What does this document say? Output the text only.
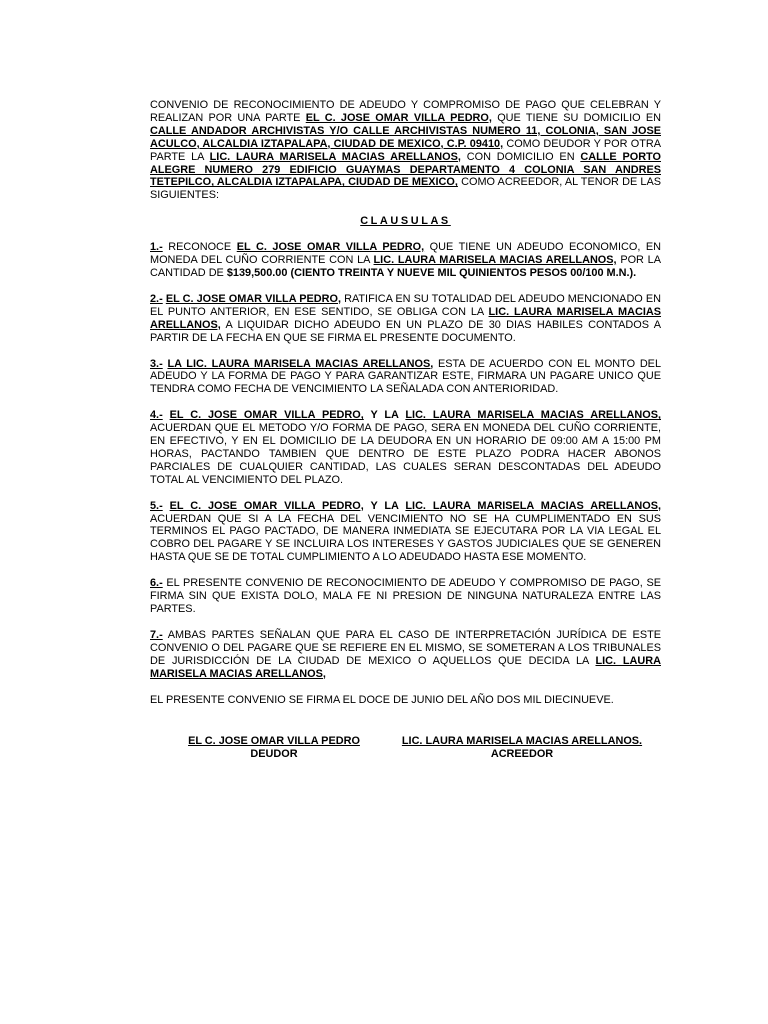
CONVENIO DE RECONOCIMIENTO DE ADEUDO Y COMPROMISO DE PAGO QUE CELEBRAN Y REALIZAN POR UNA PARTE EL C. JOSE OMAR VILLA PEDRO, QUE TIENE SU DOMICILIO EN CALLE ANDADOR ARCHIVISTAS Y/O CALLE ARCHIVISTAS NUMERO 11, COLONIA, SAN JOSE ACULCO, ALCALDIA IZTAPALAPA, CIUDAD DE MEXICO, C.P. 09410, COMO DEUDOR Y POR OTRA PARTE LA LIC. LAURA MARISELA MACIAS ARELLANOS, CON DOMICILIO EN CALLE PORTO ALEGRE NUMERO 279 EDIFICIO GUAYMAS DEPARTAMENTO 4 COLONIA SAN ANDRES TETEPILCO, ALCALDIA IZTAPALAPA, CIUDAD DE MEXICO, COMO ACREEDOR, AL TENOR DE LAS SIGUIENTES:

CLAUSULAS

1.- RECONOCE EL C. JOSE OMAR VILLA PEDRO, QUE TIENE UN ADEUDO ECONOMICO, EN MONEDA DEL CUÑO CORRIENTE CON LA LIC. LAURA MARISELA MACIAS ARELLANOS, POR LA CANTIDAD DE $139,500.00 (CIENTO TREINTA Y NUEVE MIL QUINIENTOS PESOS 00/100 M.N.).

2.- EL C. JOSE OMAR VILLA PEDRO, RATIFICA EN SU TOTALIDAD DEL ADEUDO MENCIONADO EN EL PUNTO ANTERIOR, EN ESE SENTIDO, SE OBLIGA CON LA LIC. LAURA MARISELA MACIAS ARELLANOS, A LIQUIDAR DICHO ADEUDO EN UN PLAZO DE 30 DIAS HABILES CONTADOS A PARTIR DE LA FECHA EN QUE SE FIRMA EL PRESENTE DOCUMENTO.

3.- LA LIC. LAURA MARISELA MACIAS ARELLANOS, ESTA DE ACUERDO CON EL MONTO DEL ADEUDO Y LA FORMA DE PAGO Y PARA GARANTIZAR ESTE, FIRMARA UN PAGARE UNICO QUE TENDRA COMO FECHA DE VENCIMIENTO LA SEÑALADA CON ANTERIORIDAD.

4.- EL C. JOSE OMAR VILLA PEDRO, Y LA LIC. LAURA MARISELA MACIAS ARELLANOS, ACUERDAN QUE EL METODO Y/O FORMA DE PAGO, SERA EN MONEDA DEL CUÑO CORRIENTE, EN EFECTIVO, Y EN EL DOMICILIO DE LA DEUDORA EN UN HORARIO DE 09:00 AM A 15:00 PM HORAS, PACTANDO TAMBIEN QUE DENTRO DE ESTE PLAZO PODRA HACER ABONOS PARCIALES DE CUALQUIER CANTIDAD, LAS CUALES SERAN DESCONTADAS DEL ADEUDO TOTAL AL VENCIMIENTO DEL PLAZO.

5.- EL C. JOSE OMAR VILLA PEDRO, Y LA LIC. LAURA MARISELA MACIAS ARELLANOS, ACUERDAN QUE SI A LA FECHA DEL VENCIMIENTO NO SE HA CUMPLIMENTADO EN SUS TERMINOS EL PAGO PACTADO, DE MANERA INMEDIATA SE EJECUTARA POR LA VIA LEGAL EL COBRO DEL PAGARE Y SE INCLUIRA LOS INTERESES Y GASTOS JUDICIALES QUE SE GENEREN HASTA QUE SE DE TOTAL CUMPLIMIENTO A LO ADEUDADO HASTA ESE MOMENTO.

6.- EL PRESENTE CONVENIO DE RECONOCIMIENTO DE ADEUDO Y COMPROMISO DE PAGO, SE FIRMA SIN QUE EXISTA DOLO, MALA FE NI PRESION DE NINGUNA NATURALEZA ENTRE LAS PARTES.

7.- AMBAS PARTES SEÑALAN QUE PARA EL CASO DE INTERPRETACIÓN JURÍDICA DE ESTE CONVENIO O DEL PAGARE QUE SE REFIERE EN EL MISMO, SE SOMETERAN A LOS TRIBUNALES DE JURISDICCIÓN DE LA CIUDAD DE MEXICO O AQUELLOS QUE DECIDA LA LIC. LAURA MARISELA MACIAS ARELLANOS,

EL PRESENTE CONVENIO SE FIRMA EL DOCE DE JUNIO DEL AÑO DOS MIL DIECINUEVE.

EL C. JOSE OMAR VILLA PEDRO
DEUDOR
LIC. LAURA MARISELA MACIAS ARELLANOS.
ACREEDOR
